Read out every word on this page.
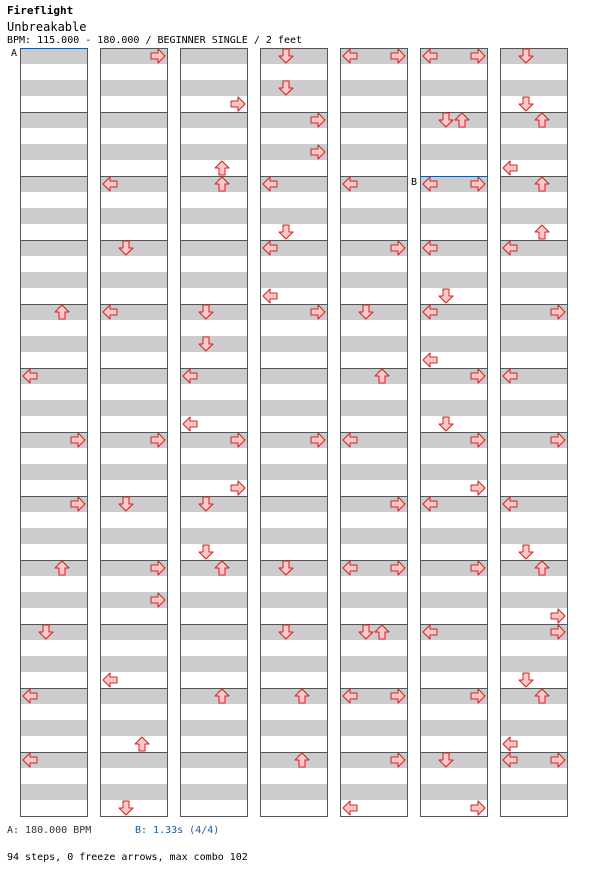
Fireflight
Unbreakable
BPM: 115.000 - 180.000 / BEGINNER SINGLE / 2 feet
A
B
A: 180.000 BPM	B: 1.33s (4/4)
94 steps, 0 freeze arrows, max combo 102
